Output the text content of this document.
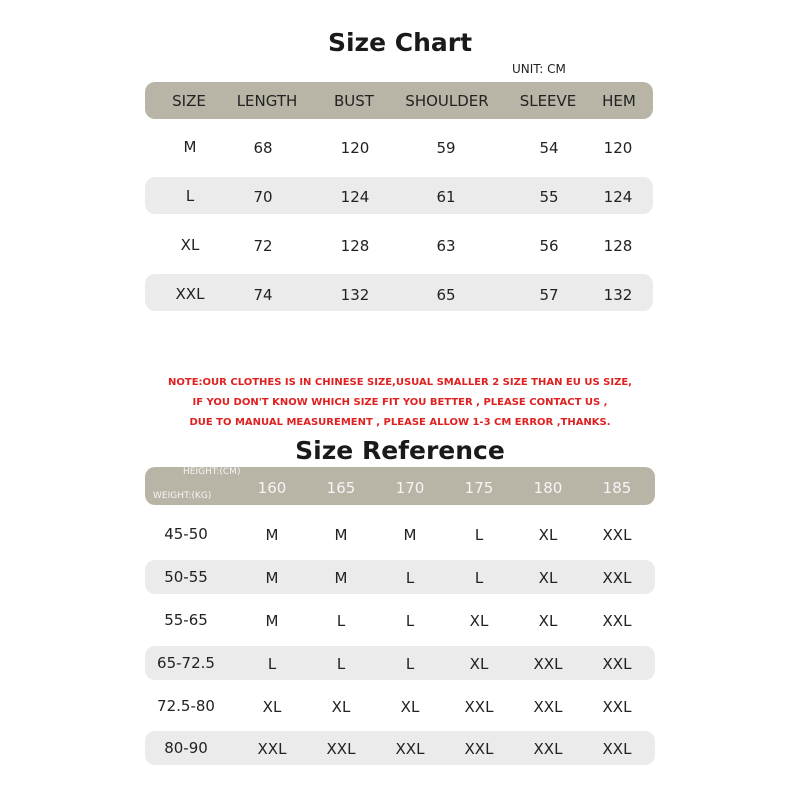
Size Chart
UNIT: CM
SIZE	LENGTH	BUST	SHOULDER	SLEEVE	HEM
M	68	120	59	54	120
L	70	124	61	55	124
XL	72	128	63	56	128
XXL	74	132	65	57	132
NOTE:OUR CLOTHES IS IN CHINESE SIZE,USUAL SMALLER 2 SIZE THAN EU US SIZE,
IF YOU DON'T KNOW WHICH SIZE FIT YOU BETTER , PLEASE CONTACT US ,
DUE TO MANUAL MEASUREMENT , PLEASE ALLOW 1-3 CM ERROR ,THANKS.
Size Reference
HEIGHT:(CM)
WEIGHT:(KG)	160	165	170	175	180	185
45-50	M	M	M	L	XL	XXL
50-55	M	M	L	L	XL	XXL
55-65	M	L	L	XL	XL	XXL
65-72.5	L	L	L	XL	XXL	XXL
72.5-80	XL	XL	XL	XXL	XXL	XXL
80-90	XXL	XXL	XXL	XXL	XXL	XXL
